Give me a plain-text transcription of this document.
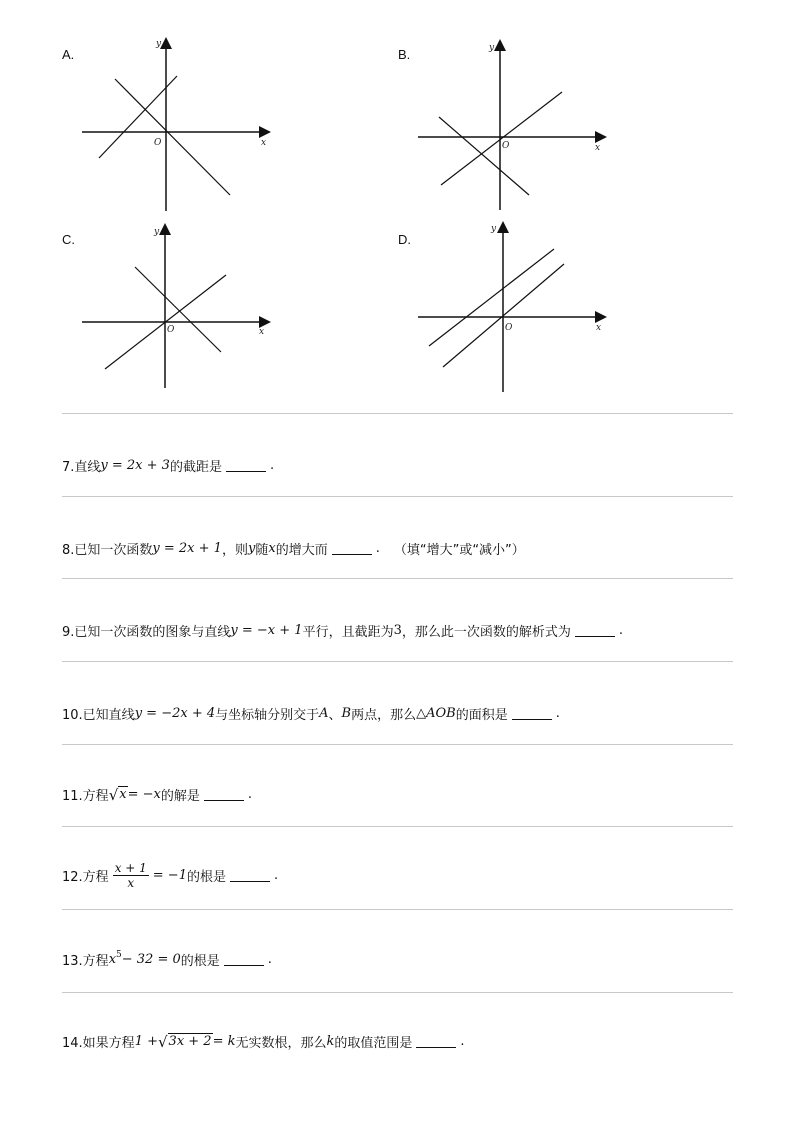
A.
y
x
O
B.	y
x
O
C.	y
x
O
D.
y
x
O
7.直线 y = 2x + 3 的截距是	.
8.已知一次函数 y = 2x + 1 ，则 y 随 x 的增大而	. （填“增大”或“减小”）
9.已知一次函数的图象与直线 y = −x + 1 平行，且截距为 3 ，那么此一次函数的解析式为	.
10.已知直线 y = −2x + 4 与坐标轴分别交于 A 、 B 两点，那么 △AOB 的面积是	.
11.方程 √ x = −x 的解是	.
12.方程 $\frac{x + 1}{x} = -1$ 的根是	.
13.方程 $x^5 - 32 = 0$ 的根是	.
14.如果方程 1 + √ 3x + 2 = k 无实数根，那么 k 的取值范围是	.
